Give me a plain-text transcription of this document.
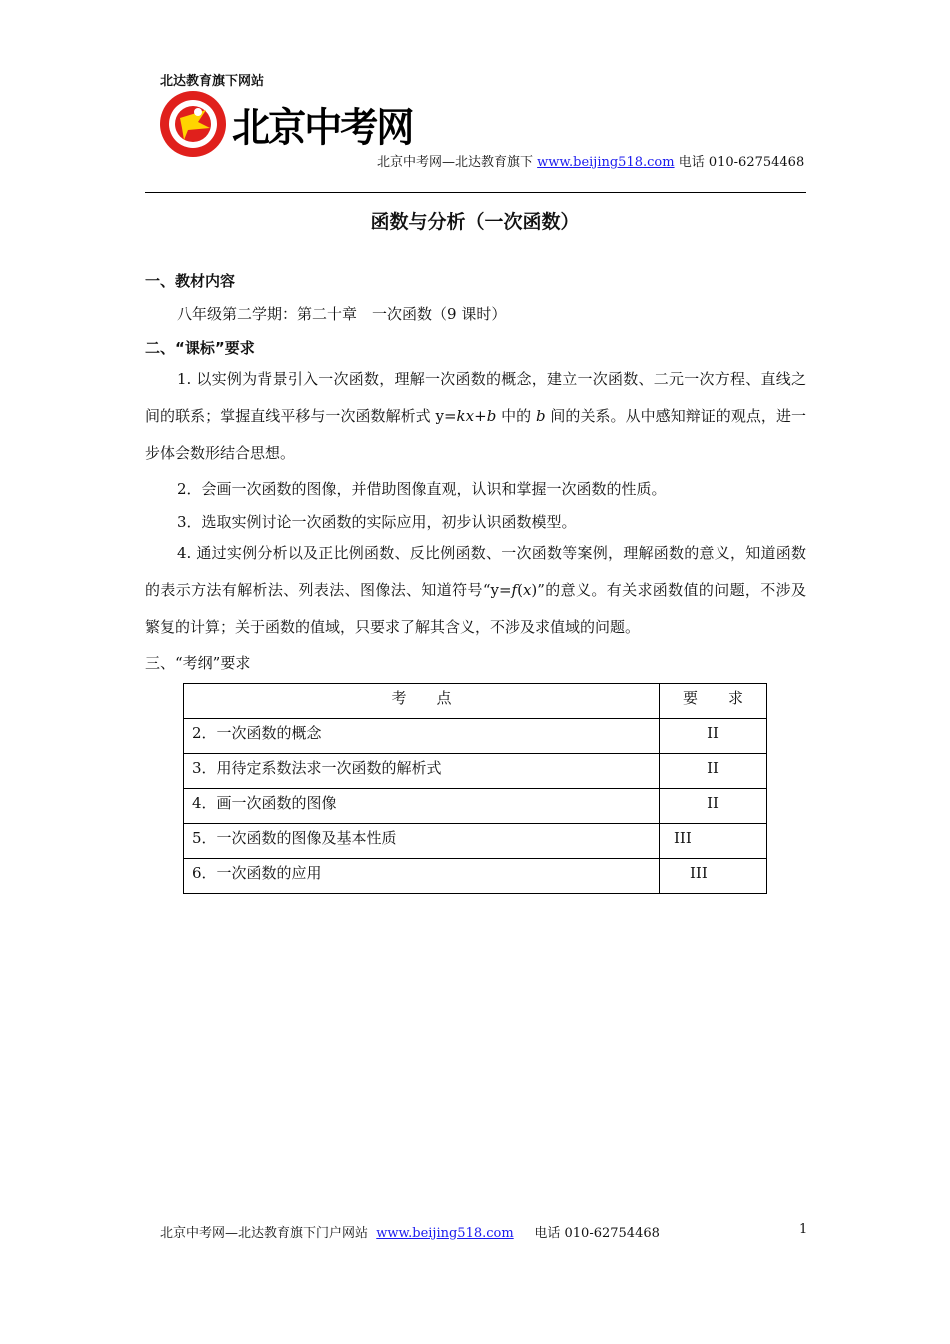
北达教育旗下网站
北京中考网
北京中考网—北达教育旗下 www.beijing518.com 电话 010-62754468
函数与分析（一次函数）
一、教材内容
八年级第二学期：第二十章　一次函数（9 课时）
二、“课标”要求
1. 以实例为背景引入一次函数，理解一次函数的概念，建立一次函数、二元一次方程、直线之间的联系；掌握直线平移与一次函数解析式 y=kx+b 中的 b 间的关系。从中感知辩证的观点，进一步体会数形结合思想。
2．会画一次函数的图像，并借助图像直观，认识和掌握一次函数的性质。
3．选取实例讨论一次函数的实际应用，初步认识函数模型。
4. 通过实例分析以及正比例函数、反比例函数、一次函数等案例，理解函数的意义，知道函数的表示方法有解析法、列表法、图像法、知道符号“y=f(x)”的意义。有关求函数值的问题，不涉及繁复的计算；关于函数的值域，只要求了解其含义，不涉及求值域的问题。
三、“考纲”要求
考　　点	要　　求
2．一次函数的概念	II
3．用待定系数法求一次函数的解析式	II
4．画一次函数的图像	II
5．一次函数的图像及基本性质	III
6．一次函数的应用	III
北京中考网—北达教育旗下门户网站 www.beijing518.com 电话 010-62754468	1
